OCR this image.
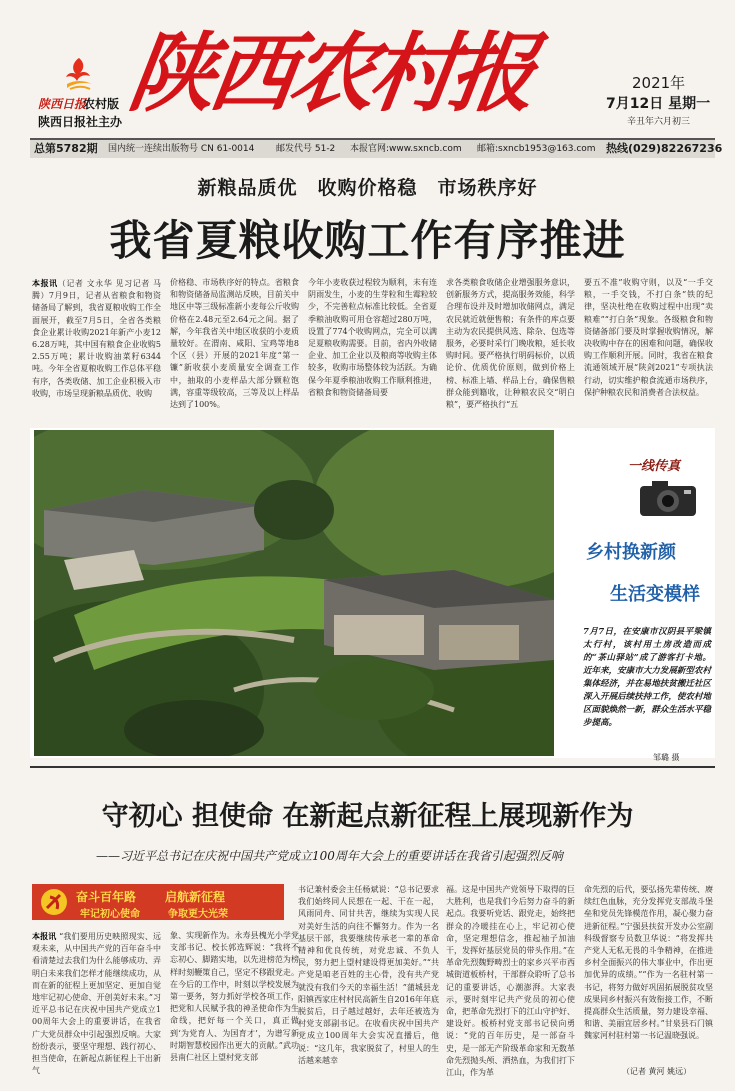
陕西日报
农村版
陕西日报社主办 陕西农村报	2021年
7月12日 星期一
辛丑年六月初三
总第5782期 国内统一连续出版物号 CN 61-0014 邮发代号 51-2 本报官网:www.sxncb.com 邮箱:sxncb1953@163.com 热线(029)82267236
新粮品质优　收购价格稳　市场秩序好
我省夏粮收购工作有序推进
本报讯（记者 文永华 见习记者 马腾）7月9日，记者从省粮食和物资储备局了解到，我省夏粮收购工作全面展开，截至7月5日，全省各类粮食企业累计收购2021年新产小麦126.28万吨，其中国有粮食企业收购52.55万吨；累计收购油菜籽6344吨。今年全省夏粮收购工作总体平稳有序，各类收储、加工企业积极入市收购，市场呈现新粮品质优、收购
价格稳、市场秩序好的特点。省粮食和物资储备局监测站反映，目前关中地区中等三级标准新小麦每公斤收购价格在2.48元至2.64元之间。据了解，今年我省关中地区收获的小麦质量较好。在渭南、咸阳、宝鸡等地8个区（县）开展的2021年度“第一镰”新收获小麦质量安全调查工作中，抽取的小麦样品大部分颗粒饱满，容重等级较高，三等及以上样品达到了100%。
今年小麦收获过程较为顺利，未有连阴雨发生，小麦的生芽粒和生霉粒较少，不完善粒点标准比较低。全省夏季粮油收购可用仓容超过280万吨，设置了774个收购网点，完全可以满足夏粮收购需要。目前，省内外收储企业、加工企业以及粮商等收购主体较多，收购市场整体较为活跃。为确保今年夏季粮油收购工作顺利推进，省粮食和物资储备局要
求各类粮食收储企业增强服务意识，创新服务方式，提高服务效能，科学合理布设并及时增加收储网点，满足农民就近就便售粮；有条件的库点要主动为农民提供风选、除杂、包选等服务，必要时采行门晚收粮，延长收购时间。要严格执行明码标价，以质论价、优质优价原则，做到价格上榜、标准上墙、样品上台，确保售粮群众能到籍收，让种粮农民交“明白粮”，要严格执行“五
要五不准”收购守则，以及“一手交粮，一手交钱，不打白条”铁的纪律，坚决杜绝在收购过程中出现“卖粮难”“打白条”现象。各级粮食和物资储备部门要及时掌握收购情况，解决收购中存在的困难和问题，确保收购工作顺利开展。同时，我省在粮食流通领域开展“陕剑2021”专项执法行动，切实维护粮食流通市场秩序，保护种粮农民和消费者合法权益。
一线传真
乡村换新颜
生活变模样
7月7日，在安康市汉阴县平梁镇太行村，该村用土房改造而成的“茶山驿站”成了游客打卡地。近年来，安康市大力发展新型农村集体经济，并在易地扶贫搬迁社区深入开展后续扶持工作，使农村地区面貌焕然一新，群众生活水平稳步提高。
邹璐 摄
守初心 担使命 在新起点新征程上展现新作为
——习近平总书记在庆祝中国共产党成立100周年大会上的重要讲话在我省引起强烈反响
奋斗百年路
牢记初心使命
启航新征程
争取更大光荣
本报讯 “我们要用历史映照现实、远观未来，从中国共产党的百年奋斗中看清楚过去我们为什么能够成功、弄明白未来我们怎样才能继续成功，从而在新的征程上更加坚定、更加自觉地牢记初心使命、开创美好未来。”习近平总书记在庆祝中国共产党成立100周年大会上的重要讲话，在我省广大党员群众中引起强烈反响。大家纷纷表示，要坚守理想、践行初心、担当使命，在新起点新征程上干出新气
象、实现新作为。永寿县槐光小学党支部书记、校长郭选辉说：“我将不忘初心、脚踏实地，以先进榜范为榜样时刻鞭策自己，坚定不移跟党走。在今后的工作中，时刻以学校发展为第一要务，努力抓好学校各项工作，把党和人民赋予我的神圣使命作为生命线，把好每一个关口，真正做到‘为党育人、为国育才’，为谱写新时期智慧校园作出更大的贡献。”武功县南仁社区上望村党支部
书记兼村委会主任杨斌说：“总书记要求我们始终同人民想在一起、干在一起，风雨同舟、同甘共苦，继续为实现人民对美好生活的向往不懈努力。作为一名基层干部，我要继续传承老一辈的革命精神和优良传统，对党忠诚、不负人民，努力把上望村建设得更加美好。”“共产党是咱老百姓的主心骨，没有共产党就没有我们今天的幸福生活！”蒲城县龙阳镇西家庄村村民高新生自2016年年底脱贫后，日子越过越好，去年还被选为村党支部副书记。在收看庆祝中国共产党成立100周年大会实况直播后，他说：“这几年，我家脱贫了，村里人的生活越来越幸
福。这是中国共产党领导下取得的巨大胜利，也是我们今后努力奋斗的新起点。我要听党话、跟党走，始终把群众的冷暖挂在心上，牢记初心使命，坚定理想信念，推起袖子加油干，发挥好基层党员的带头作用。”在革命先烈魏野畴烈士的家乡兴平市西城街道板桥村，干部群众聆听了总书记的重要讲话，心潮澎湃。大家表示，要时刻牢记共产党员的初心使命，把革命先烈打下的江山守护好、建设好。板桥村党支部书记侯向勇说：“党的百年历史，是一部奋斗史，是一部无产阶级革命家和无数革命先烈抛头颅、洒热血，为我们打下江山，作为革
命先烈的后代，要弘扬先辈传统、赓续红色血脉，充分发挥党支部战斗堡垒和党员先锋模范作用，凝心聚力奋进新征程。”宁强县扶贫开发办公室副科级督察专员数卫华说：“将发挥共产党人无私无畏的斗争精神，在推进乡村全面振兴的伟大事业中，作出更加优异的成绩。”“作为一名驻村第一书记，将努力做好巩固拓展脱贫攻坚成果同乡村振兴有效衔接工作，不断提高群众生活质量，努力建设幸福、和谐、美丽宜居乡村。”甘泉县石门镇魏家河村驻村第一书记温晓强说。
（记者 黄河 姚远）
